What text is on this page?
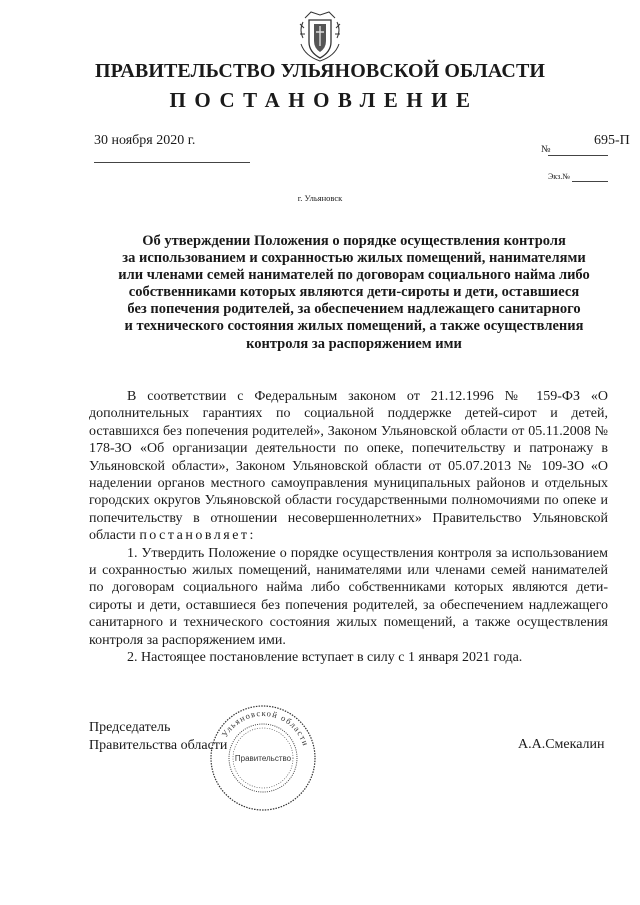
ПРАВИТЕЛЬСТВО УЛЬЯНОВСКОЙ ОБЛАСТИ
ПОСТАНОВЛЕНИЕ
30 ноября 2020 г.
№
695-П
Экз.№
г. Ульяновск
Об утверждении Положения о порядке осуществления контроля
за использованием и сохранностью жилых помещений, нанимателями
или членами семей нанимателей по договорам социального найма либо
собственниками которых являются дети-сироты и дети, оставшиеся
без попечения родителей, за обеспечением надлежащего санитарного
и технического состояния жилых помещений, а также осуществления
контроля за распоряжением ими

В соответствии с Федеральным законом от 21.12.1996 № 159-ФЗ «О дополнительных гарантиях по социальной поддержке детей-сирот и детей, оставшихся без попечения родителей», Законом Ульяновской области от 05.11.2008 № 178-ЗО «Об организации деятельности по опеке, попечительству и патронажу в Ульяновской области», Законом Ульяновской области от 05.07.2013 № 109-ЗО «О наделении органов местного самоуправления муниципальных районов и отдельных городских округов Ульяновской области государственными полномочиями по опеке и попечительству в отношении несовершеннолетних» Правительство Ульяновской области постановляет:

1. Утвердить Положение о порядке осуществления контроля за использованием и сохранностью жилых помещений, нанимателями или членами семей нанимателей по договорам социального найма либо собственниками которых являются дети-сироты и дети, оставшиеся без попечения родителей, за обеспечением надлежащего санитарного и технического состояния жилых помещений, а также осуществления контроля за распоряжением ими.

2. Настоящее постановление вступает в силу с 1 января 2021 года.

Председатель
Правительства области	А.А.Смекалин
Ульяновской области
Правительство
